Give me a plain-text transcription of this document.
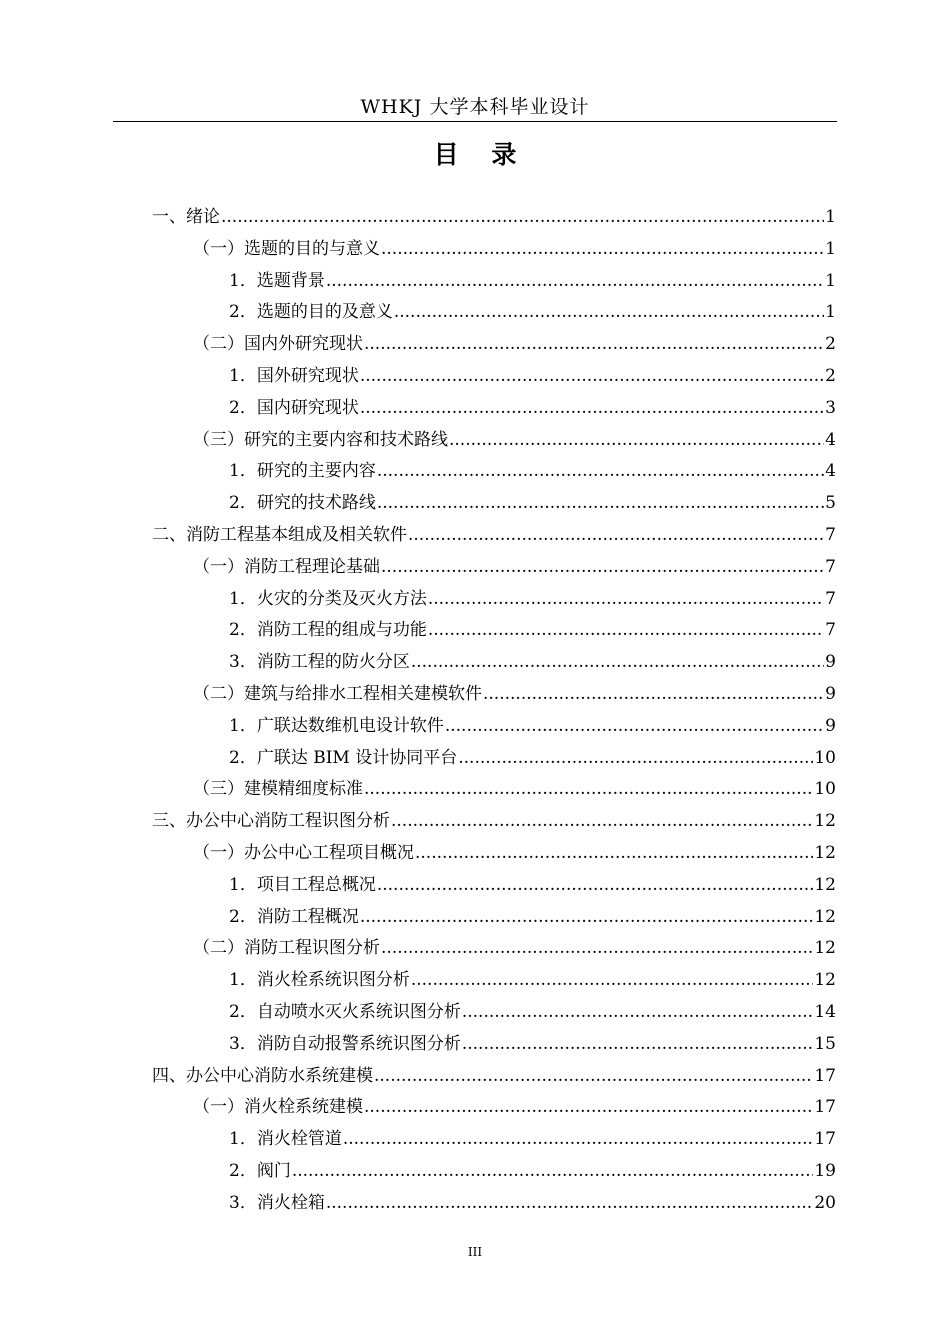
WHKJ 大学本科毕业设计
目 录
一、绪论 .....	1
（一）选题的目的与意义 .....	1
1．选题背景 .....	1
2．选题的目的及意义 .....	1
（二）国内外研究现状 .....	2
1．国外研究现状 .....	2
2．国内研究现状 .....	3
（三）研究的主要内容和技术路线 .....	4
1．研究的主要内容 .....	4
2．研究的技术路线 .....	5
二、消防工程基本组成及相关软件 .....	7
（一）消防工程理论基础 .....	7
1．火灾的分类及灭火方法 .....	7
2．消防工程的组成与功能 .....	7
3．消防工程的防火分区 .....	9
（二）建筑与给排水工程相关建模软件 .....	9
1．广联达数维机电设计软件 .....	9
2．广联达 BIM 设计协同平台 .....	10
（三）建模精细度标准 .....	10
三、办公中心消防工程识图分析 .....	12
（一）办公中心工程项目概况 .....	12
1．项目工程总概况 .....	12
2．消防工程概况 .....	12
（二）消防工程识图分析 .....	12
1．消火栓系统识图分析 .....	12
2．自动喷水灭火系统识图分析 .....	14
3．消防自动报警系统识图分析 .....	15
四、办公中心消防水系统建模 .....	17
（一）消火栓系统建模 .....	17
1．消火栓管道 .....	17
2．阀门 .....	19
3．消火栓箱 .....	20
III
